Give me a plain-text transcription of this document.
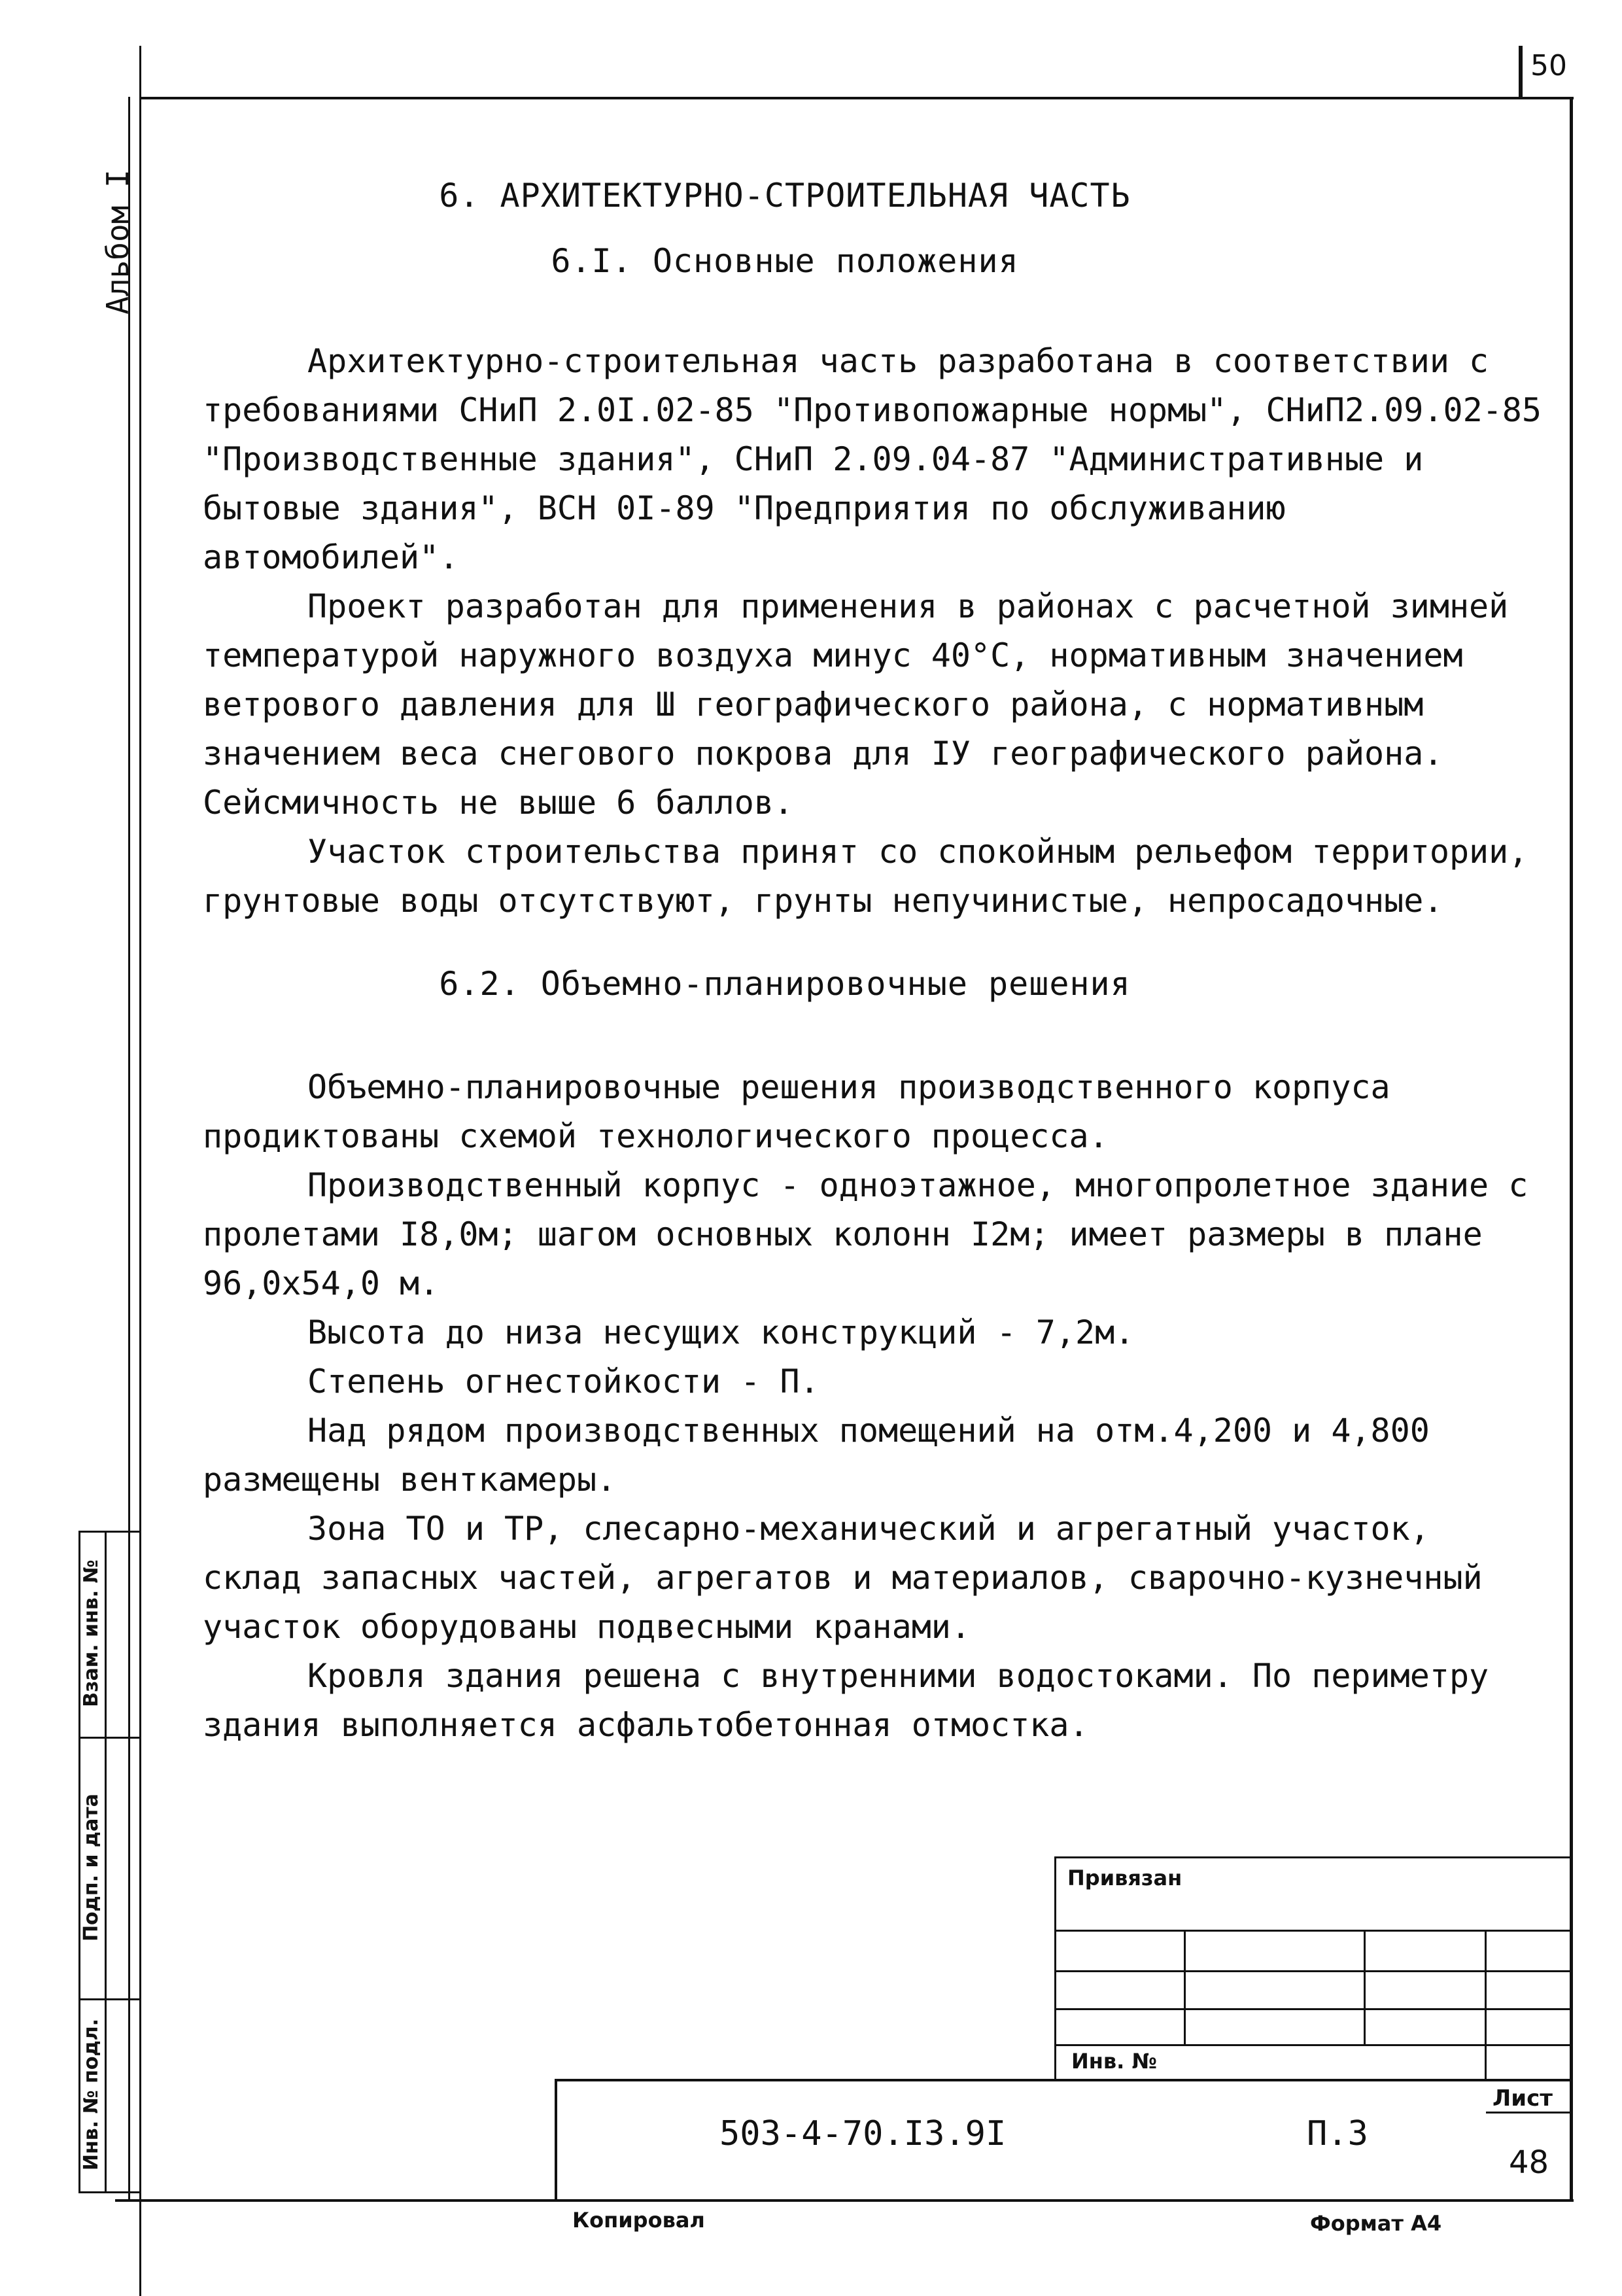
50
Альбом I	6. АРХИТЕКТУРНО-СТРОИТЕЛЬНАЯ ЧАСТЬ
6.I. Основные положения
Архитектурно-строительная часть разработана в соответствии с требованиями СНиП 2.0I.02-85 "Противопожарные нормы", СНиП2.09.02-85 "Производственные здания", СНиП 2.09.04-87 "Административные и бытовые здания", ВСН 0I-89 "Предприятия по обслуживанию автомобилей".
Проект разработан для применения в районах с расчетной зимней температурой наружного воздуха минус 40°С, нормативным значением ветрового давления для Ш географического района, с нормативным значением веса снегового покрова для IУ географического района. Сейсмичность не выше 6 баллов.
Участок строительства принят со спокойным рельефом территории, грунтовые воды отсутствуют, грунты непучинистые, непросадочные.
6.2. Объемно-планировочные решения
Объемно-планировочные решения производственного корпуса продиктованы схемой технологического процесса.
Производственный корпус - одноэтажное, многопролетное здание с пролетами I8,0м; шагом основных колонн I2м; имеет размеры в плане 96,0х54,0 м.
Высота до низа несущих конструкций - 7,2м.
Степень огнестойкости - П.
Над рядом производственных помещений на отм.4,200 и 4,800 размещены венткамеры.
Зона ТО и ТР, слесарно-механический и агрегатный участок, склад запасных частей, агрегатов и материалов, сварочно-кузнечный участок оборудованы подвесными кранами.
Кровля здания решена с внутренними водостоками. По периметру здания выполняется асфальтобетонная отмостка.
Взам. инв. №
Подп. и дата
Инв. № подл.
Привязан
Инв. №
503-4-70.I3.9I	П.3
Лист
48
Копировал	Формат А4
